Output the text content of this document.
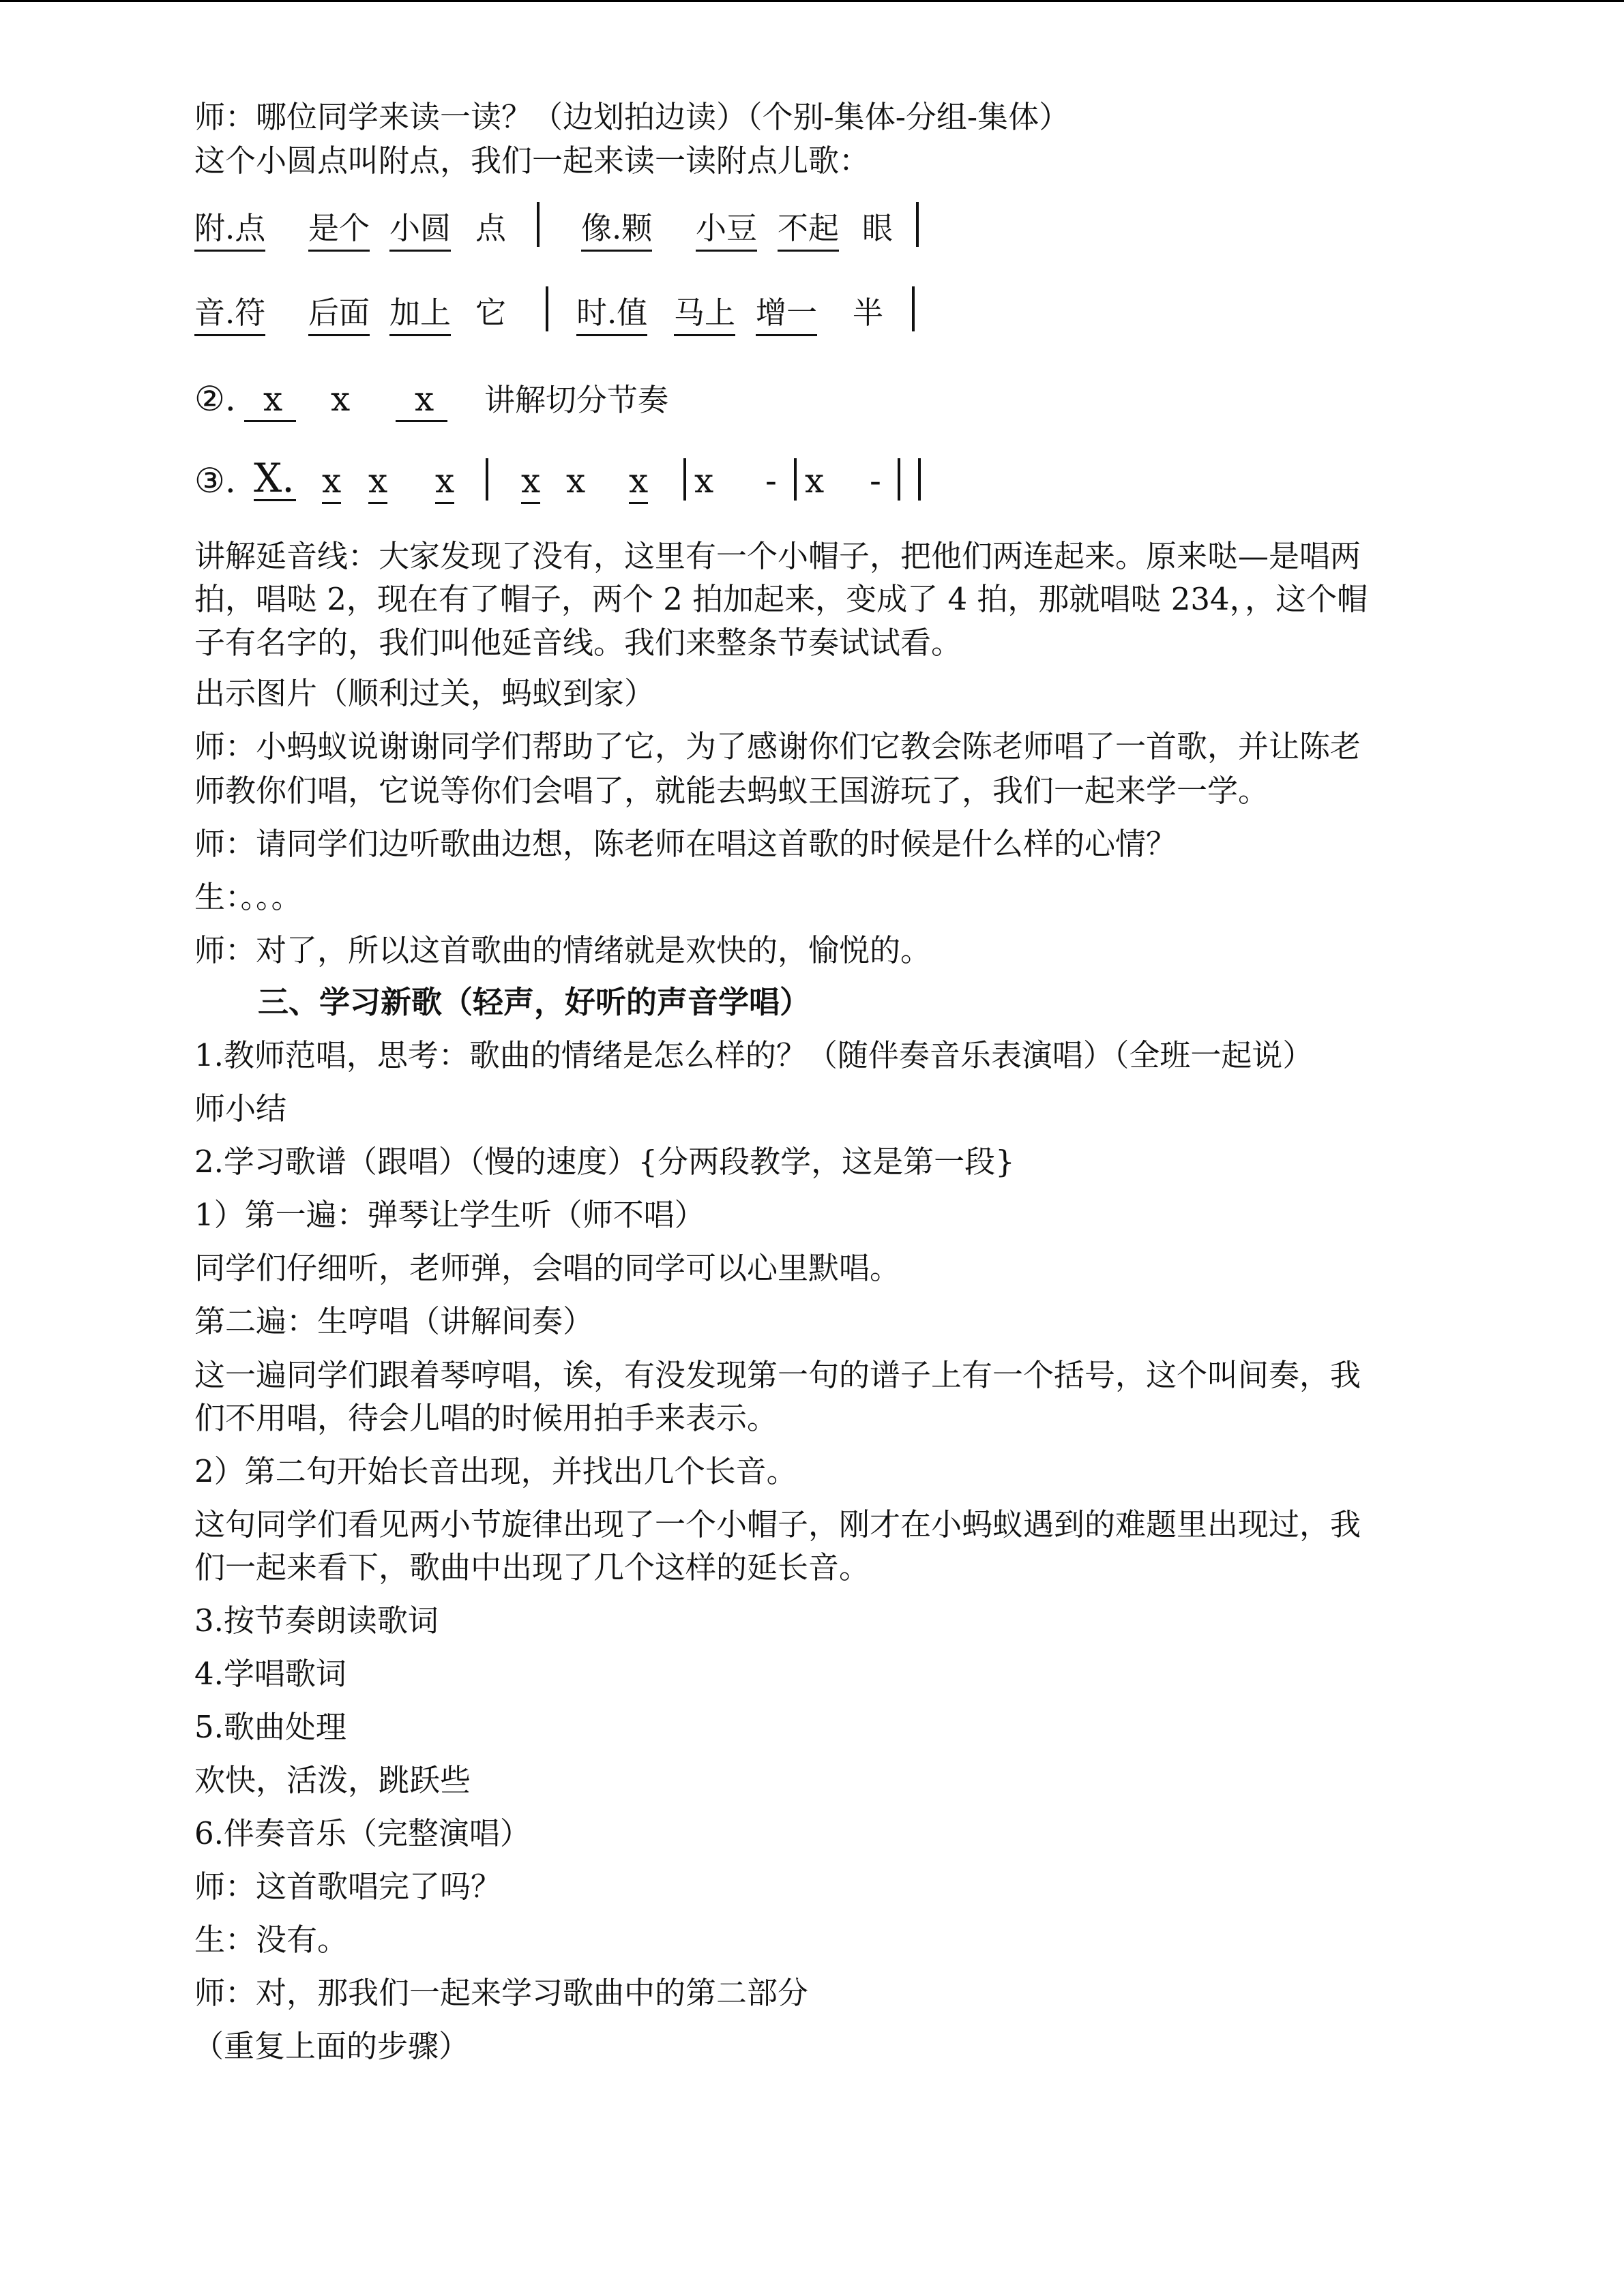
师：哪位同学来读一读？（边划拍边读）（个别-集体-分组-集体）
这个小圆点叫附点，我们一起来读一读附点儿歌：
附.点 是个 小圆 点 像.颗 小豆 不起 眼
音.符 后面 加上 它 时.值 马上 增一 半
②. x	x	x	讲解切分节奏
③. X. x x x x x x x - x -
讲解延音线：大家发现了没有，这里有一个小帽子，把他们两连起来。原来哒—是唱两
拍，唱哒 2，现在有了帽子，两个 2 拍加起来，变成了 4 拍，那就唱哒 234，，这个帽
子有名字的，我们叫他延音线。我们来整条节奏试试看。
出示图片（顺利过关，蚂蚁到家）
师：小蚂蚁说谢谢同学们帮助了它，为了感谢你们它教会陈老师唱了一首歌，并让陈老
师教你们唱，它说等你们会唱了，就能去蚂蚁王国游玩了，我们一起来学一学。
师：请同学们边听歌曲边想，陈老师在唱这首歌的时候是什么样的心情？
生：。。。
师：对了，所以这首歌曲的情绪就是欢快的，愉悦的。
三、学习新歌（轻声，好听的声音学唱）
1.教师范唱，思考：歌曲的情绪是怎么样的？（随伴奏音乐表演唱）（全班一起说）
师小结
2.学习歌谱（跟唱）（慢的速度）{分两段教学，这是第一段}
1）第一遍：弹琴让学生听（师不唱）
同学们仔细听，老师弹，会唱的同学可以心里默唱。
第二遍：生哼唱（讲解间奏）
这一遍同学们跟着琴哼唱，诶，有没发现第一句的谱子上有一个括号，这个叫间奏，我
们不用唱，待会儿唱的时候用拍手来表示。
2）第二句开始长音出现，并找出几个长音。
这句同学们看见两小节旋律出现了一个小帽子，刚才在小蚂蚁遇到的难题里出现过，我
们一起来看下，歌曲中出现了几个这样的延长音。
3.按节奏朗读歌词
4.学唱歌词
5.歌曲处理
欢快，活泼，跳跃些
6.伴奏音乐（完整演唱）
师：这首歌唱完了吗？
生：没有。
师：对，那我们一起来学习歌曲中的第二部分
（重复上面的步骤）
